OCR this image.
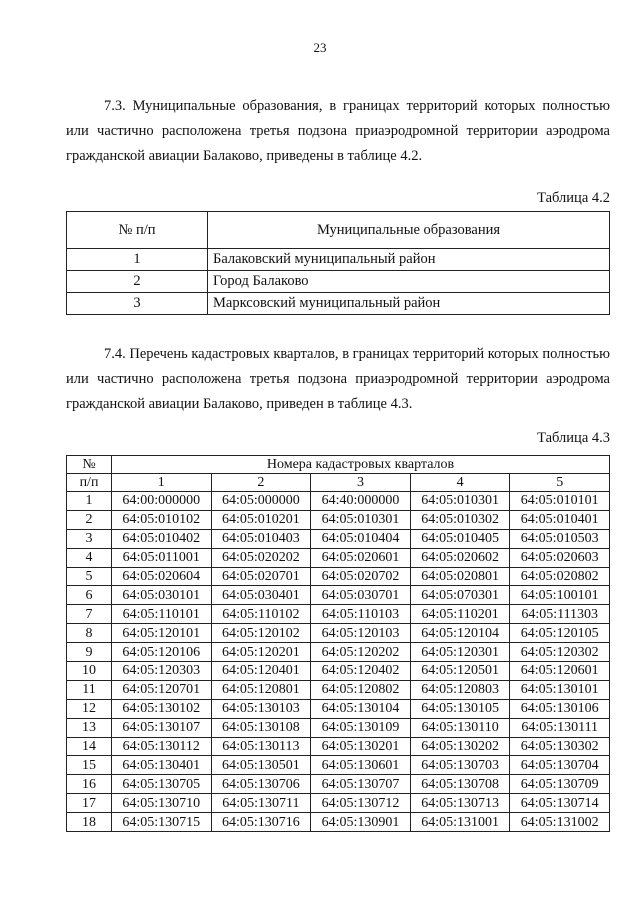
23

7.3. Муниципальные образования, в границах территорий которых полностью или частично расположена третья подзона приаэродромной территории аэродрома гражданской авиации Балаково, приведены в таблице 4.2.

Таблица 4.2
№ п/п	Муниципальные образования
1	Балаковский муниципальный район
2	Город Балаково
3	Марксовский муниципальный район

7.4. Перечень кадастровых кварталов, в границах территорий которых полностью или частично расположена третья подзона приаэродромной территории аэродрома гражданской авиации Балаково, приведен в таблице 4.3.

Таблица 4.3
№	Номера кадастровых кварталов				
п/п	1	2	3	4	5
1	64:00:000000	64:05:000000	64:40:000000	64:05:010301	64:05:010101
2	64:05:010102	64:05:010201	64:05:010301	64:05:010302	64:05:010401
3	64:05:010402	64:05:010403	64:05:010404	64:05:010405	64:05:010503
4	64:05:011001	64:05:020202	64:05:020601	64:05:020602	64:05:020603
5	64:05:020604	64:05:020701	64:05:020702	64:05:020801	64:05:020802
6	64:05:030101	64:05:030401	64:05:030701	64:05:070301	64:05:100101
7	64:05:110101	64:05:110102	64:05:110103	64:05:110201	64:05:111303
8	64:05:120101	64:05:120102	64:05:120103	64:05:120104	64:05:120105
9	64:05:120106	64:05:120201	64:05:120202	64:05:120301	64:05:120302
10	64:05:120303	64:05:120401	64:05:120402	64:05:120501	64:05:120601
11	64:05:120701	64:05:120801	64:05:120802	64:05:120803	64:05:130101
12	64:05:130102	64:05:130103	64:05:130104	64:05:130105	64:05:130106
13	64:05:130107	64:05:130108	64:05:130109	64:05:130110	64:05:130111
14	64:05:130112	64:05:130113	64:05:130201	64:05:130202	64:05:130302
15	64:05:130401	64:05:130501	64:05:130601	64:05:130703	64:05:130704
16	64:05:130705	64:05:130706	64:05:130707	64:05:130708	64:05:130709
17	64:05:130710	64:05:130711	64:05:130712	64:05:130713	64:05:130714
18	64:05:130715	64:05:130716	64:05:130901	64:05:131001	64:05:131002
